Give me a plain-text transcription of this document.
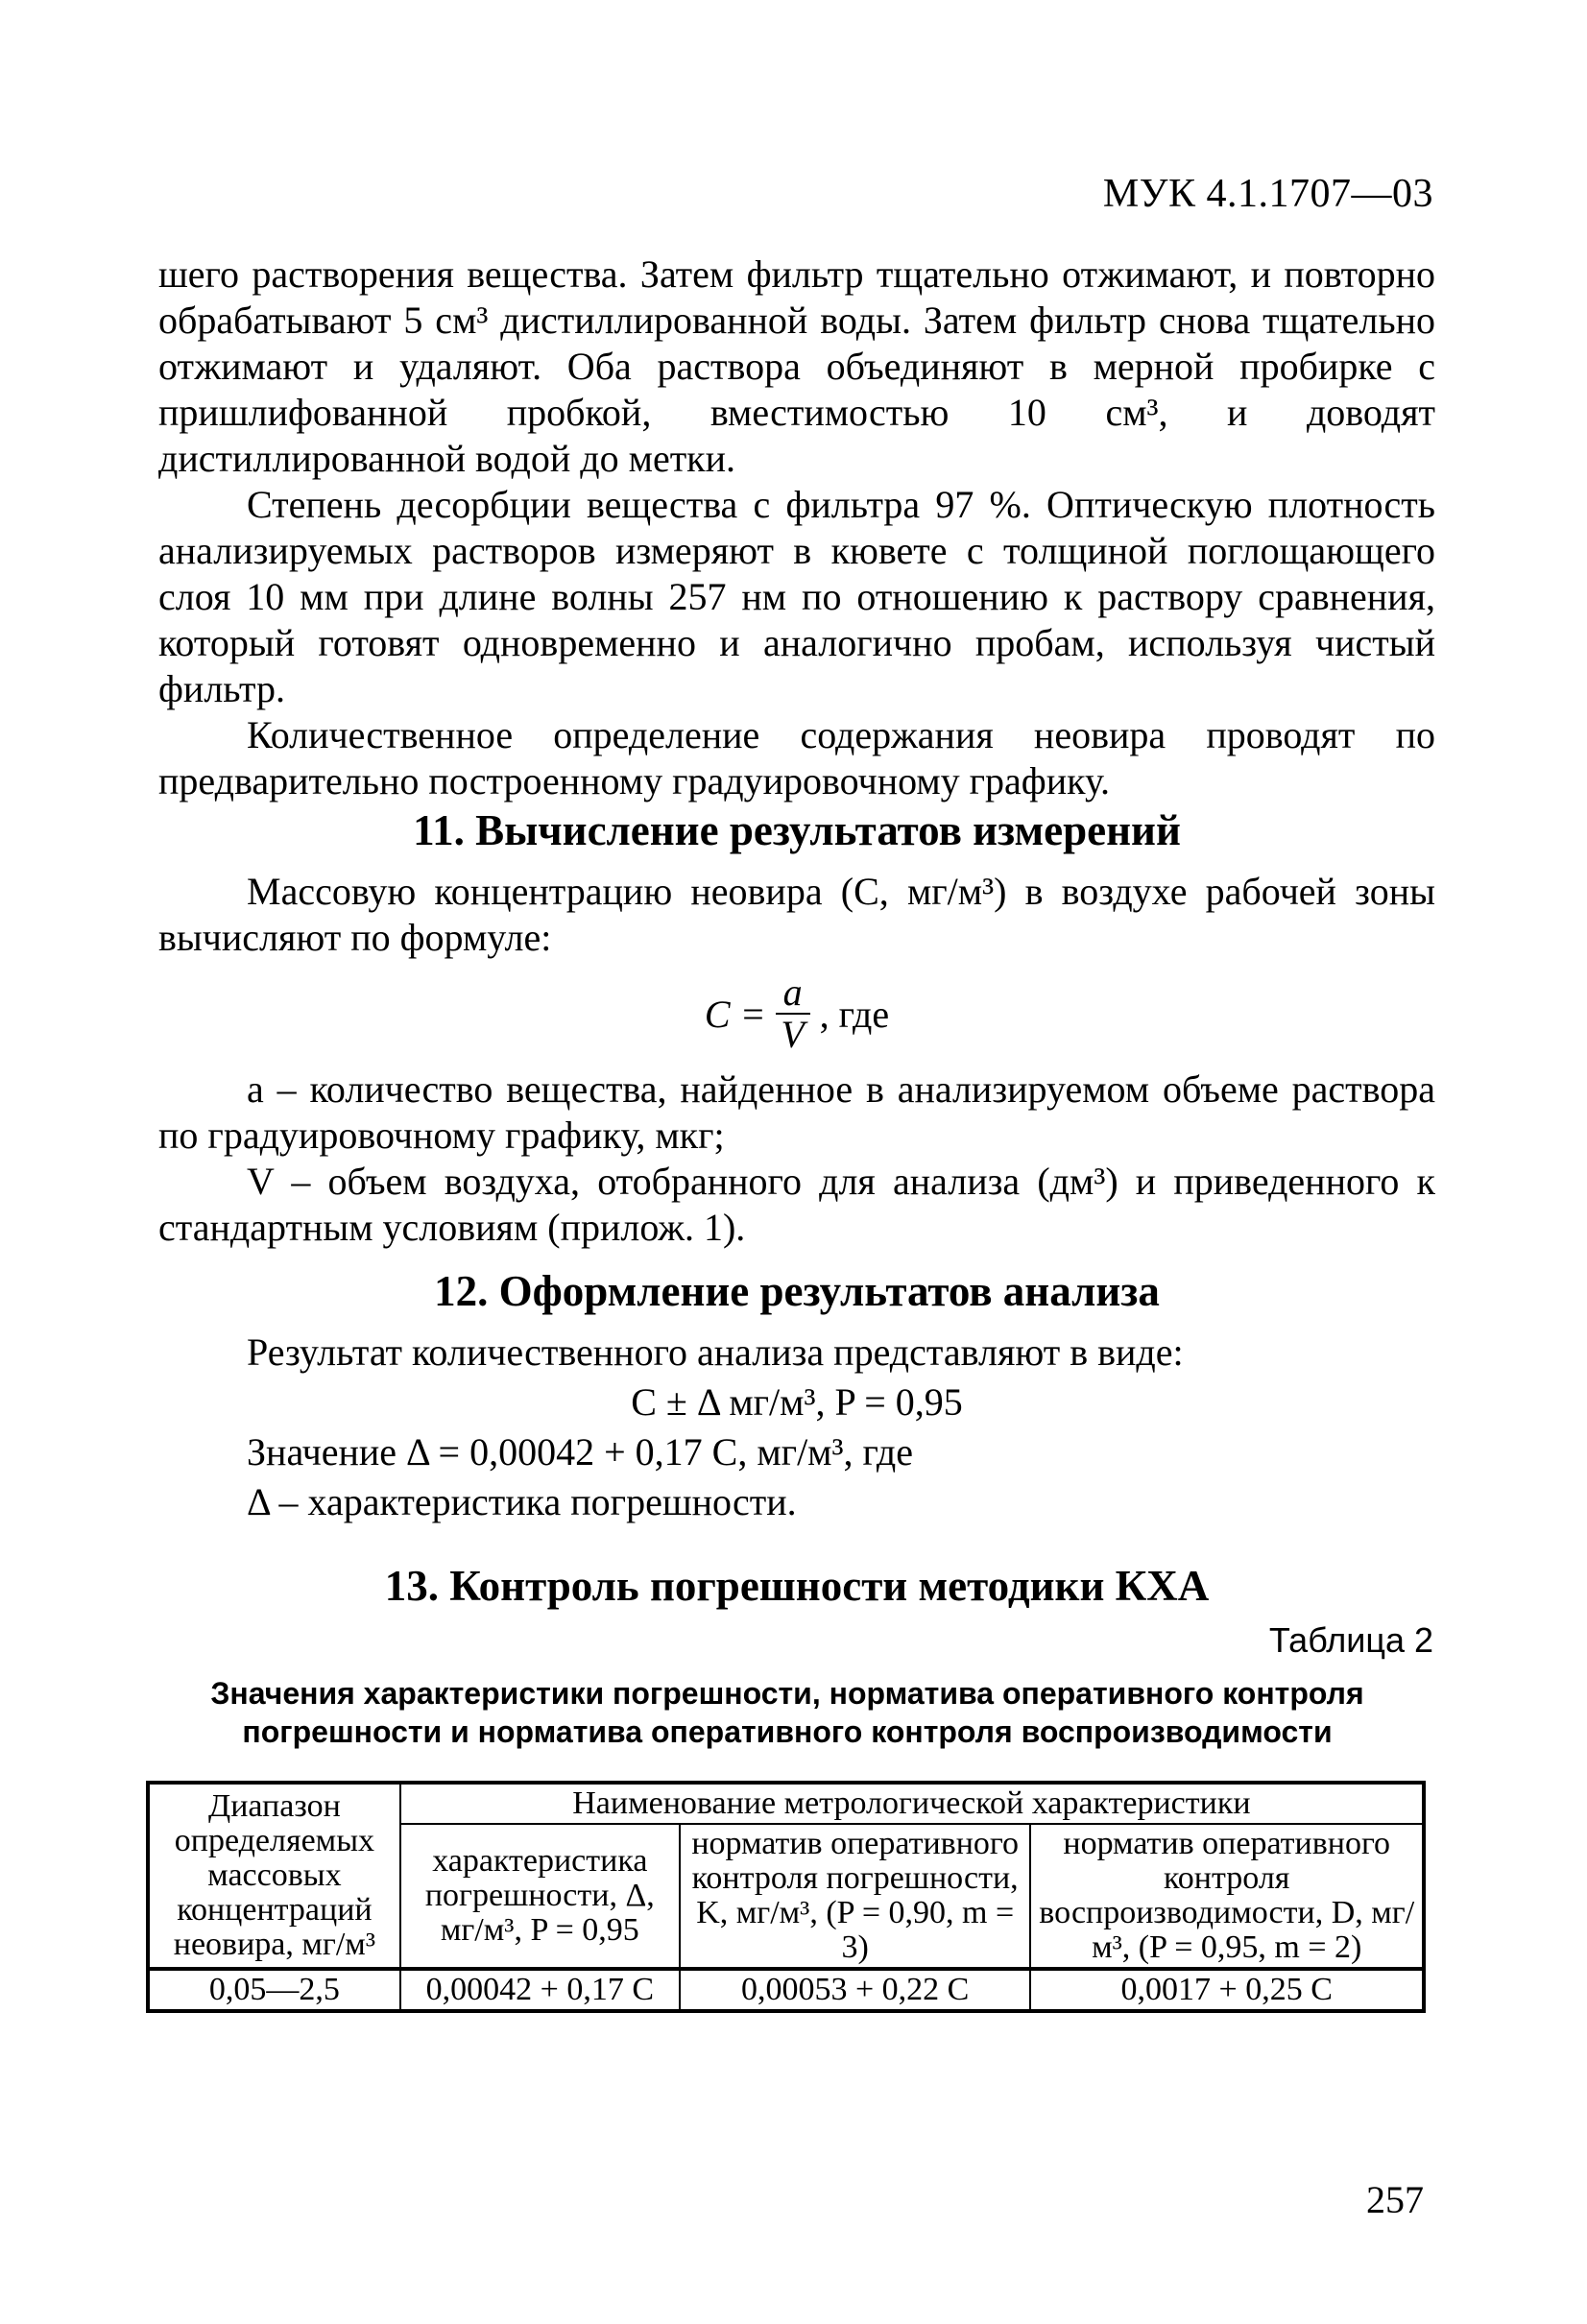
МУК 4.1.1707—03

шего растворения вещества. Затем фильтр тщательно отжимают, и повторно обрабатывают 5 см³ дистиллированной воды. Затем фильтр снова тщательно отжимают и удаляют. Оба раствора объединяют в мерной пробирке с пришлифованной пробкой, вместимостью 10 см³, и доводят дистиллированной водой до метки.

Степень десорбции вещества с фильтра 97 %. Оптическую плотность анализируемых растворов измеряют в кювете с толщиной поглощающего слоя 10 мм при длине волны 257 нм по отношению к раствору сравнения, который готовят одновременно и аналогично пробам, используя чистый фильтр.

Количественное определение содержания неовира проводят по предварительно построенному градуировочному графику.

11. Вычисление результатов измерений

Массовую концентрацию неовира (С, мг/м³) в воздухе рабочей зоны вычисляют по формуле:

$C = \frac{a}{V}$ , где

a – количество вещества, найденное в анализируемом объеме раствора по градуировочному графику, мкг;

V – объем воздуха, отобранного для анализа (дм³) и приведенного к стандартным условиям (прилож. 1).

12. Оформление результатов анализа

Результат количественного анализа представляют в виде:

C ± Δ мг/м³, P = 0,95

Значение Δ = 0,00042 + 0,17 С, мг/м³, где

Δ – характеристика погрешности.

13. Контроль погрешности методики КХА
Таблица 2
Значения характеристики погрешности, норматива оперативного контроля погрешности и норматива оперативного контроля воспроизводимости
Диапазон определяемых массовых концентраций неовира, мг/м³	Наименование метрологической характеристики		
	характеристика погрешности, Δ, мг/м³, P = 0,95	норматив оперативного контроля погрешности, K, мг/м³, (P = 0,90, m = 3)	норматив оперативного контроля воспроизводимости, D, мг/м³, (P = 0,95, m = 2)
0,05—2,5	0,00042 + 0,17 С	0,00053 + 0,22 С	0,0017 + 0,25 С
257
